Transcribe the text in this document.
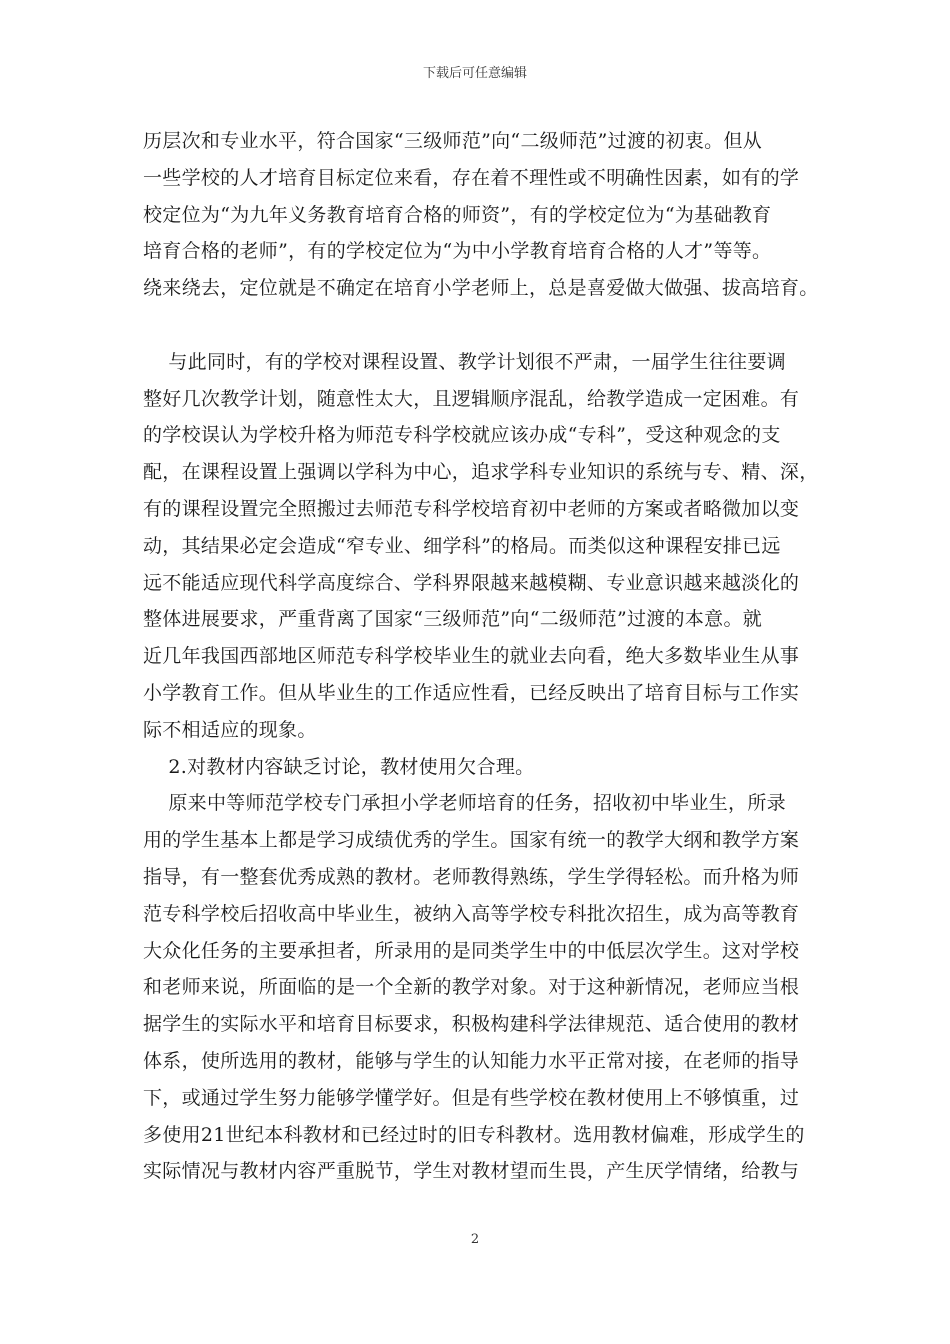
下载后可任意编辑
历层次和专业水平，符合国家“三级师范”向“二级师范”过渡的初衷。但从
一些学校的人才培育目标定位来看，存在着不理性或不明确性因素，如有的学
校定位为“为九年义务教育培育合格的师资”，有的学校定位为“为基础教育
培育合格的老师”，有的学校定位为“为中小学教育培育合格的人才”等等。
绕来绕去，定位就是不确定在培育小学老师上，总是喜爱做大做强、拔高培育。
与此同时，有的学校对课程设置、教学计划很不严肃，一届学生往往要调
整好几次教学计划，随意性太大，且逻辑顺序混乱，给教学造成一定困难。有
的学校误认为学校升格为师范专科学校就应该办成“专科”，受这种观念的支
配，在课程设置上强调以学科为中心，追求学科专业知识的系统与专、精、深，
有的课程设置完全照搬过去师范专科学校培育初中老师的方案或者略微加以变
动，其结果必定会造成“窄专业、细学科”的格局。而类似这种课程安排已远
远不能适应现代科学高度综合、学科界限越来越模糊、专业意识越来越淡化的
整体进展要求，严重背离了国家“三级师范”向“二级师范”过渡的本意。就
近几年我国西部地区师范专科学校毕业生的就业去向看，绝大多数毕业生从事
小学教育工作。但从毕业生的工作适应性看，已经反映出了培育目标与工作实
际不相适应的现象。
2.对教材内容缺乏讨论，教材使用欠合理。
原来中等师范学校专门承担小学老师培育的任务，招收初中毕业生，所录
用的学生基本上都是学习成绩优秀的学生。国家有统一的教学大纲和教学方案
指导，有一整套优秀成熟的教材。老师教得熟练，学生学得轻松。而升格为师
范专科学校后招收高中毕业生，被纳入高等学校专科批次招生，成为高等教育
大众化任务的主要承担者，所录用的是同类学生中的中低层次学生。这对学校
和老师来说，所面临的是一个全新的教学对象。对于这种新情况，老师应当根
据学生的实际水平和培育目标要求，积极构建科学法律规范、适合使用的教材
体系，使所选用的教材，能够与学生的认知能力水平正常对接，在老师的指导
下，或通过学生努力能够学懂学好。但是有些学校在教材使用上不够慎重，过
多使用21世纪本科教材和已经过时的旧专科教材。选用教材偏难，形成学生的
实际情况与教材内容严重脱节，学生对教材望而生畏，产生厌学情绪，给教与
2
